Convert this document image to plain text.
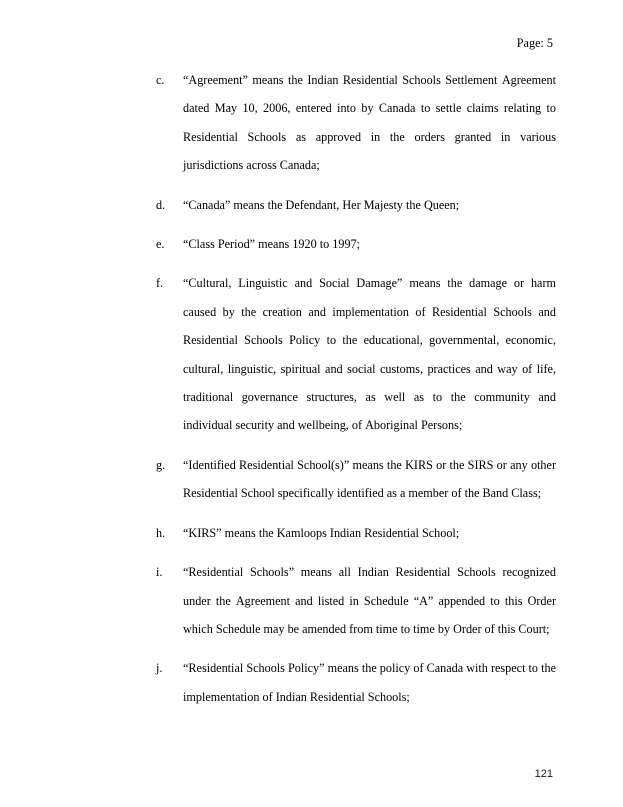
Page: 5
c.	“Agreement” means the Indian Residential Schools Settlement Agreement dated May 10, 2006, entered into by Canada to settle claims relating to Residential Schools as approved in the orders granted in various jurisdictions across Canada;
d.	“Canada” means the Defendant, Her Majesty the Queen;
e.	“Class Period” means 1920 to 1997;
f.	“Cultural, Linguistic and Social Damage” means the damage or harm caused by the creation and implementation of Residential Schools and Residential Schools Policy to the educational, governmental, economic, cultural, linguistic, spiritual and social customs, practices and way of life, traditional governance structures, as well as to the community and individual security and wellbeing, of Aboriginal Persons;
g.	“Identified Residential School(s)” means the KIRS or the SIRS or any other Residential School specifically identified as a member of the Band Class;
h.	“KIRS” means the Kamloops Indian Residential School;
i.	“Residential Schools” means all Indian Residential Schools recognized under the Agreement and listed in Schedule “A” appended to this Order which Schedule may be amended from time to time by Order of this Court;
j.	“Residential Schools Policy” means the policy of Canada with respect to the implementation of Indian Residential Schools;
121
